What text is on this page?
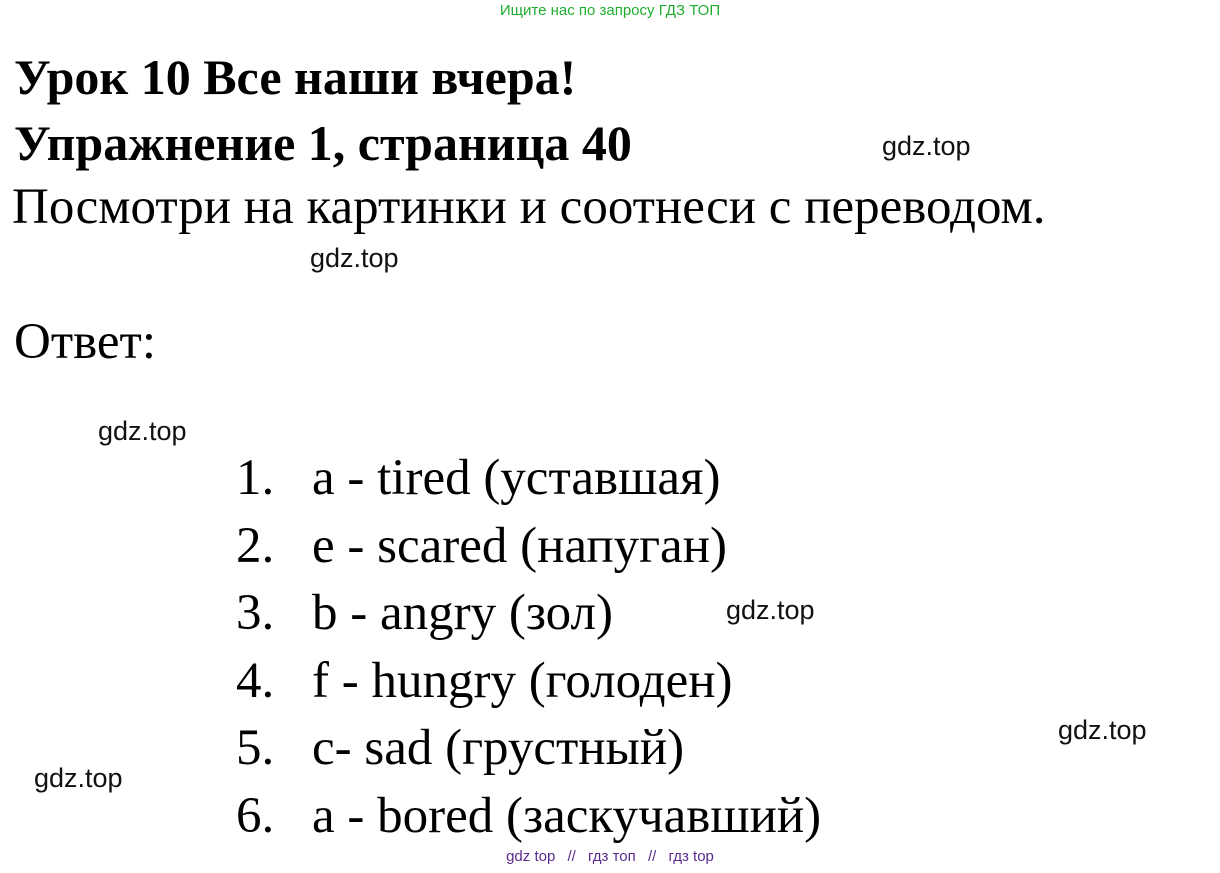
Ищите нас по запросу ГДЗ ТОП
Урок 10 Все наши вчера!
Упражнение 1, страница 40
Посмотри на картинки и соотнеси с переводом.
Ответ:
1. a - tired (уставшая)
2. e - scared (напуган)
3. b - angry (зол)
4. f - hungry (голоден)
5. c- sad (грустный)
6. a - bored (заскучавший)
gdz.top
gdz.top
gdz.top
gdz.top
gdz.top
gdz.top
gdz top // гдз топ // гдз top
